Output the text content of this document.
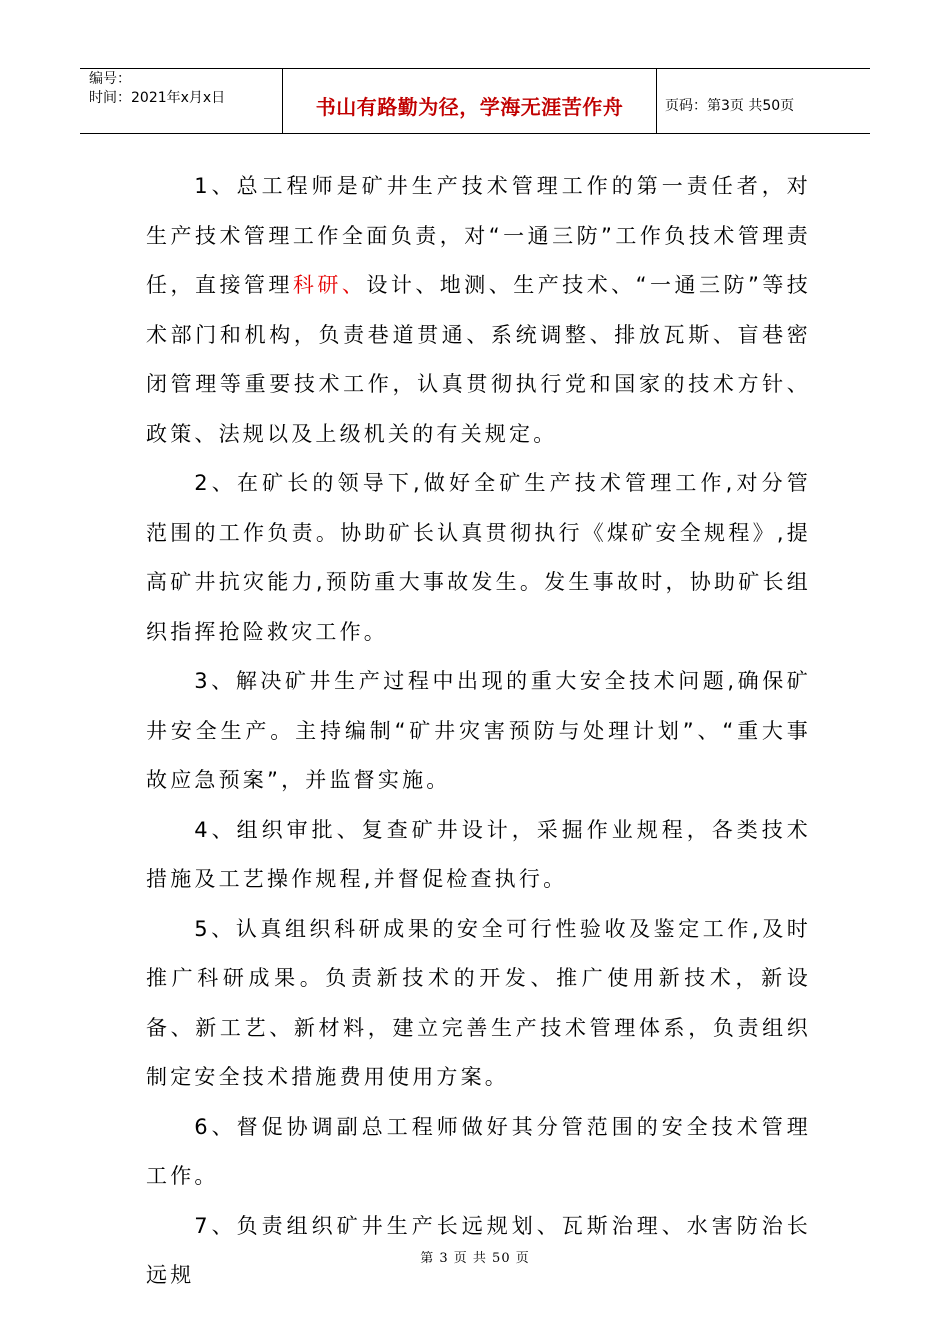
编号：
时间：2021年x月x日	书山有路勤为径，学海无涯苦作舟	页码：第3页 共50页

1、总工程师是矿井生产技术管理工作的第一责任者，对生产技术管理工作全面负责，对“一通三防”工作负技术管理责任，直接管理科研、设计、地测、生产技术、“一通三防”等技术部门和机构，负责巷道贯通、系统调整、排放瓦斯、盲巷密闭管理等重要技术工作，认真贯彻执行党和国家的技术方针、政策、法规以及上级机关的有关规定。

2、在矿长的领导下,做好全矿生产技术管理工作,对分管范围的工作负责。协助矿长认真贯彻执行《煤矿安全规程》,提高矿井抗灾能力,预防重大事故发生。发生事故时，协助矿长组织指挥抢险救灾工作。

3、解决矿井生产过程中出现的重大安全技术问题,确保矿井安全生产。主持编制“矿井灾害预防与处理计划”、“重大事故应急预案”，并监督实施。

4、组织审批、复查矿井设计，采掘作业规程，各类技术措施及工艺操作规程,并督促检查执行。

5、认真组织科研成果的安全可行性验收及鉴定工作,及时推广科研成果。负责新技术的开发、推广使用新技术，新设备、新工艺、新材料，建立完善生产技术管理体系，负责组织制定安全技术措施费用使用方案。

6、督促协调副总工程师做好其分管范围的安全技术管理工作。

7、负责组织矿井生产长远规划、瓦斯治理、水害防治长远规

第 3 页 共 50 页
